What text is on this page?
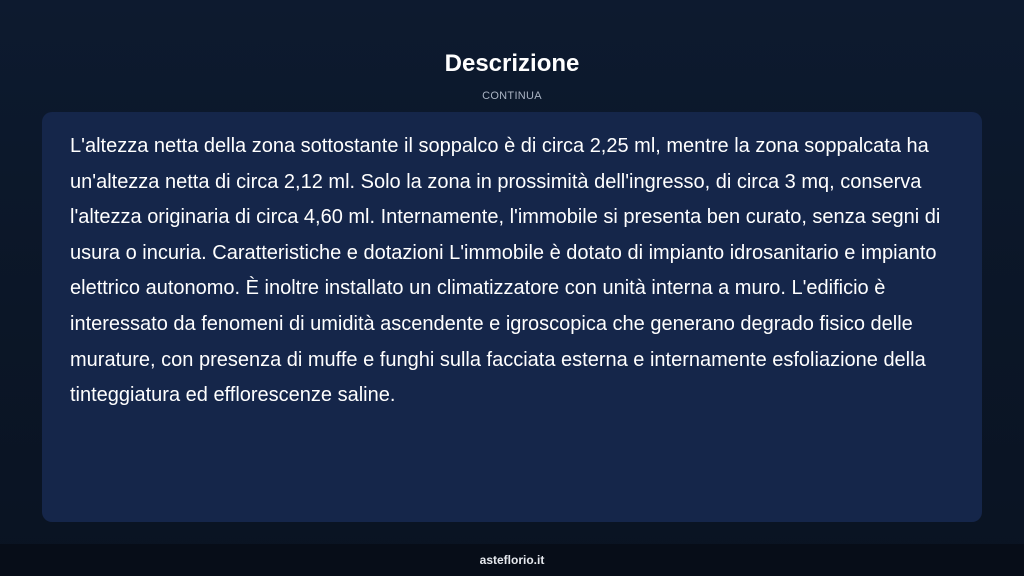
Descrizione
CONTINUA

L'altezza netta della zona sottostante il soppalco è di circa 2,25 ml, mentre la zona soppalcata ha un'altezza netta di circa 2,12 ml. Solo la zona in prossimità dell'ingresso, di circa 3 mq, conserva l'altezza originaria di circa 4,60 ml. Internamente, l'immobile si presenta ben curato, senza segni di usura o incuria. Caratteristiche e dotazioni L'immobile è dotato di impianto idrosanitario e impianto elettrico autonomo. È inoltre installato un climatizzatore con unità interna a muro. L'edificio è interessato da fenomeni di umidità ascendente e igroscopica che generano degrado fisico delle murature, con presenza di muffe e funghi sulla facciata esterna e internamente esfoliazione della tinteggiatura ed efflorescenze saline.

asteflorio.it
